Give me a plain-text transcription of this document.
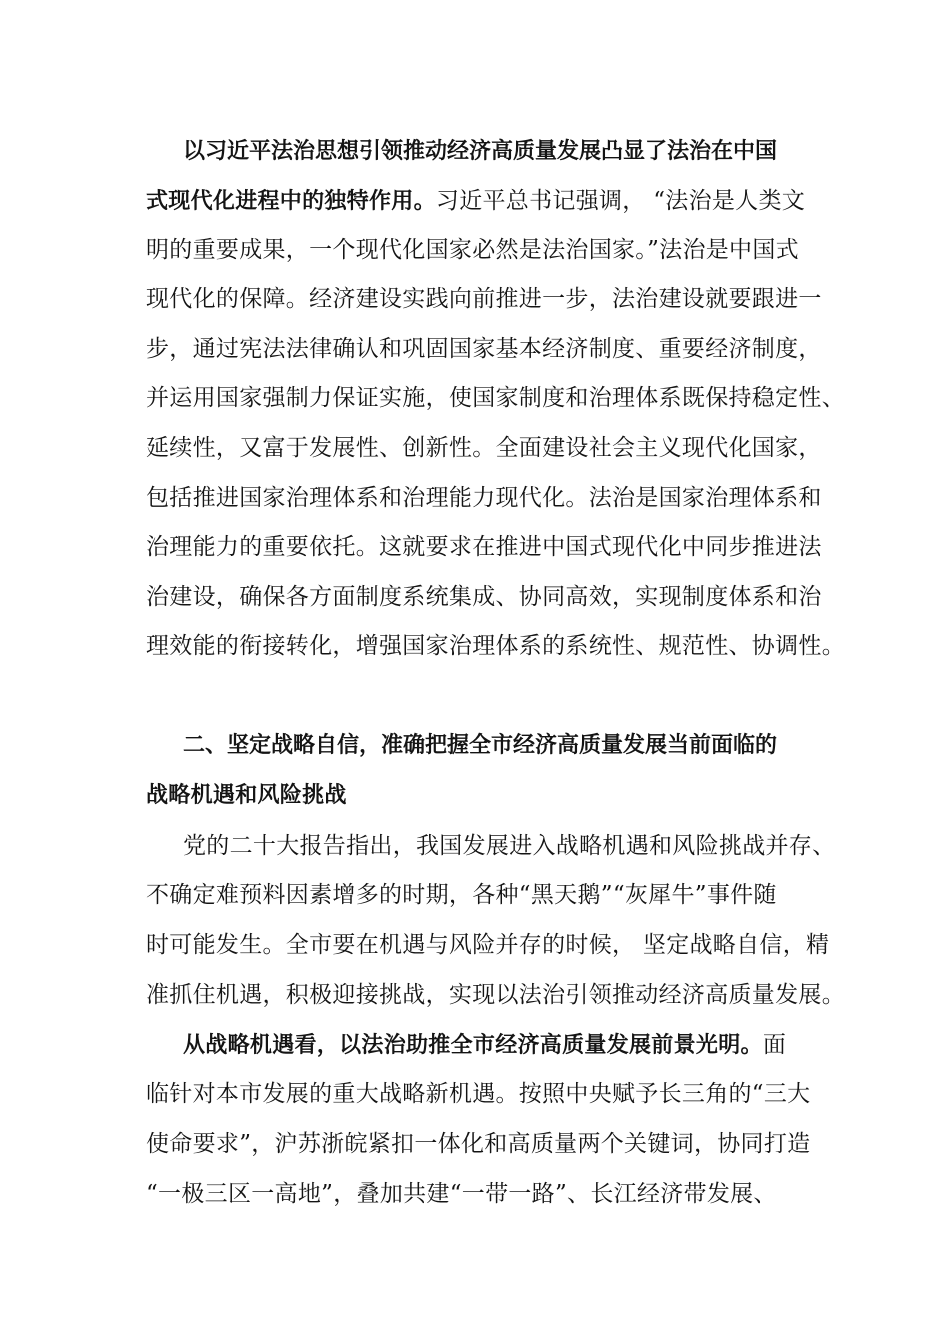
以习近平法治思想引领推动经济高质量发展凸显了法治在中国
式现代化进程中的独特作用。习近平总书记强调， “法治是人类文
明的重要成果，一个现代化国家必然是法治国家。”法治是中国式
现代化的保障。经济建设实践向前推进一步，法治建设就要跟进一
步，通过宪法法律确认和巩固国家基本经济制度、重要经济制度，
并运用国家强制力保证实施，使国家制度和治理体系既保持稳定性、
延续性，又富于发展性、创新性。全面建设社会主义现代化国家，
包括推进国家治理体系和治理能力现代化。法治是国家治理体系和
治理能力的重要依托。这就要求在推进中国式现代化中同步推进法
治建设，确保各方面制度系统集成、协同高效，实现制度体系和治
理效能的衔接转化，增强国家治理体系的系统性、规范性、协调性。
二、坚定战略自信，准确把握全市经济高质量发展当前面临的
战略机遇和风险挑战
党的二十大报告指出，我国发展进入战略机遇和风险挑战并存、
不确定难预料因素增多的时期，各种“黑天鹅”“灰犀牛”事件随
时可能发生。全市要在机遇与风险并存的时候， 坚定战略自信，精
准抓住机遇，积极迎接挑战，实现以法治引领推动经济高质量发展。
从战略机遇看，以法治助推全市经济高质量发展前景光明。面
临针对本市发展的重大战略新机遇。按照中央赋予长三角的“三大
使命要求”，沪苏浙皖紧扣一体化和高质量两个关键词，协同打造
“一极三区一高地”，叠加共建“一带一路”、长江经济带发展、
